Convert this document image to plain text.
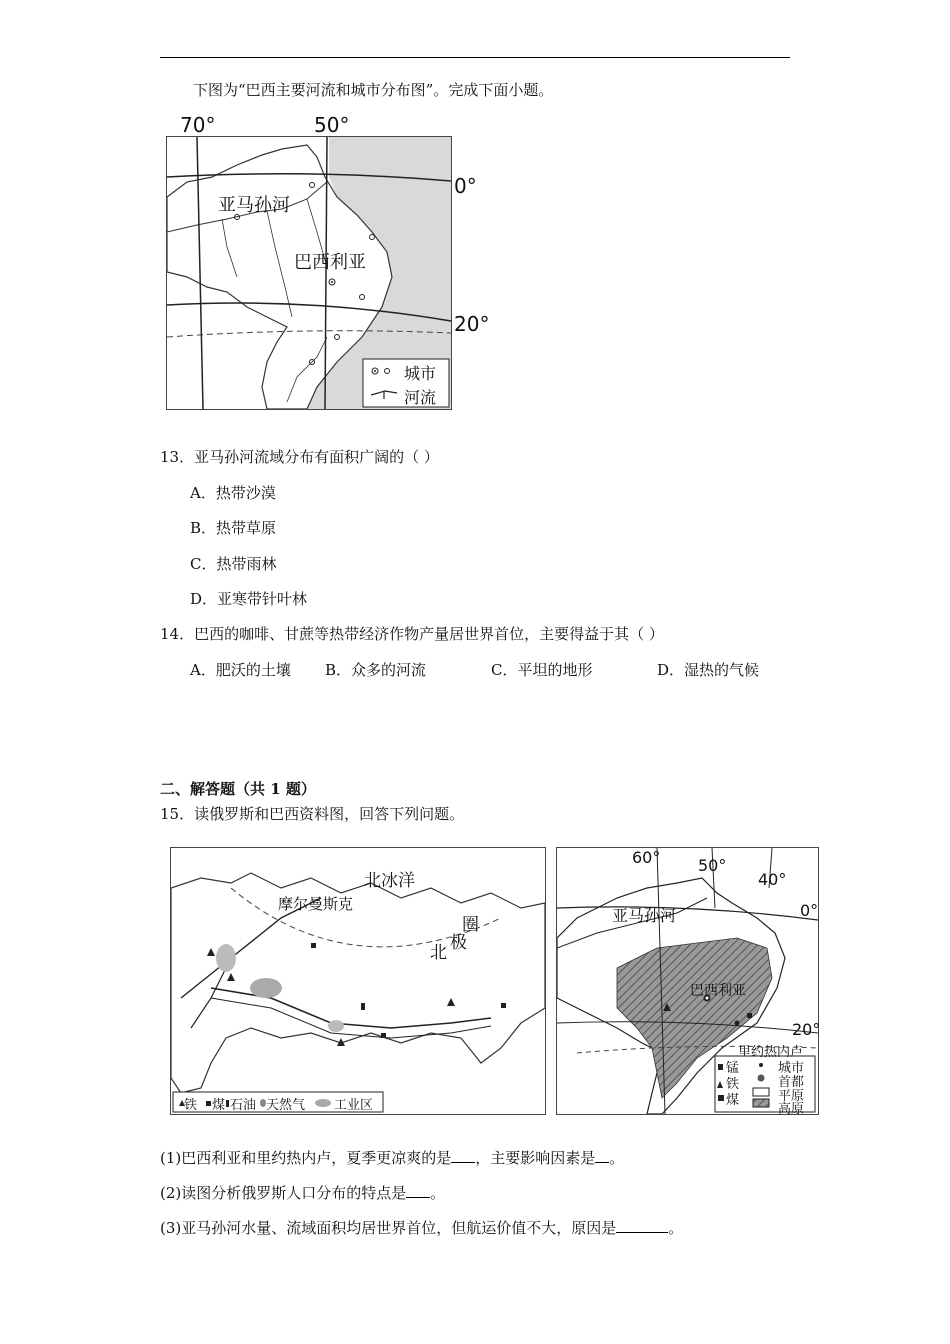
下图为“巴西主要河流和城市分布图”。完成下面小题。
70°	50°
0°
20°
亚马孙河
巴西利亚
城市
河流
13．亚马孙河流域分布有面积广阔的（ ）
A．热带沙漠
B．热带草原
C．热带雨林
D．亚寒带针叶林
14．巴西的咖啡、甘蔗等热带经济作物产量居世界首位，主要得益于其（ ）
A．肥沃的土壤 B．众多的河流	C．平坦的地形	D．湿热的气候
二、解答题（共 1 题）
15．读俄罗斯和巴西资料图，回答下列问题。
北冰洋
摩尔曼斯克
圈
极
北
铁 煤 石油 天然气 工业区
60° 50°
40°
0°
20°
亚马孙河
巴西利亚
里约热内卢
锰
铁
煤
城市
首都
平原
高原
(1)巴西利亚和里约热内卢，夏季更凉爽的是 ，主要影响因素是 。
(2)读图分析俄罗斯人口分布的特点是 。
(3)亚马孙河水量、流域面积均居世界首位，但航运价值不大，原因是	。
